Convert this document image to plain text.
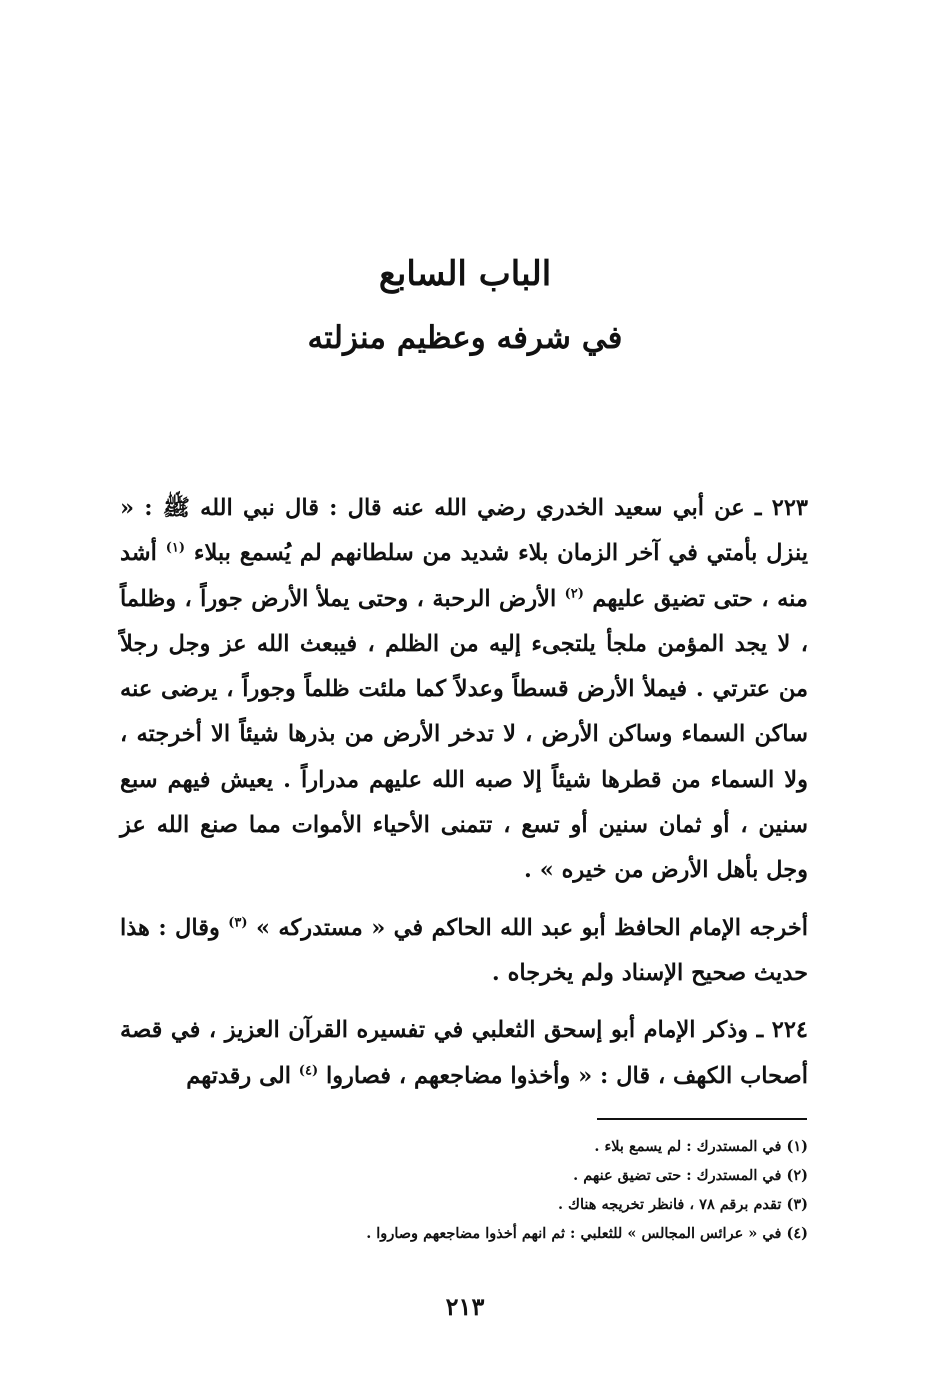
الباب السابع
في شرفه وعظيم منزلته

٢٢٣ ـ عن أبي سعيد الخدري رضي الله عنه قال : قال نبي الله ﷺ : « ينزل بأمتي في آخر الزمان بلاء شديد من سلطانهم لم يُسمع ببلاء $^{(١)}$ أشد منه ، حتى تضيق عليهم $^{(٢)}$ الأرض الرحبة ، وحتى يملأ الأرض جوراً ، وظلماً ، لا يجد المؤمن ملجأ يلتجىء إليه من الظلم ، فيبعث الله عز وجل رجلاً من عترتي . فيملأ الأرض قسطاً وعدلاً كما ملئت ظلماً وجوراً ، يرضى عنه ساكن السماء وساكن الأرض ، لا تدخر الأرض من بذرها شيئاً الا أخرجته ، ولا السماء من قطرها شيئاً إلا صبه الله عليهم مدراراً . يعيش فيهم سبع سنين ، أو ثمان سنين أو تسع ، تتمنى الأحياء الأموات مما صنع الله عز وجل بأهل الأرض من خيره » .

أخرجه الإمام الحافظ أبو عبد الله الحاكم في « مستدركه » $^{(٣)}$ وقال : هذا حديث صحيح الإسناد ولم يخرجاه .

٢٢٤ ـ وذكر الإمام أبو إسحق الثعلبي في تفسيره القرآن العزيز ، في قصة أصحاب الكهف ، قال : « وأخذوا مضاجعهم ، فصاروا $^{(٤)}$ الى رقدتهم

(١) في المستدرك : لم يسمع بلاء .
(٢) في المستدرك : حتى تضيق عنهم .
(٣) تقدم برقم ٧٨ ، فانظر تخريجه هناك .
(٤) في « عرائس المجالس » للثعلبي : ثم انهم أخذوا مضاجعهم وصاروا .
٢١٣
